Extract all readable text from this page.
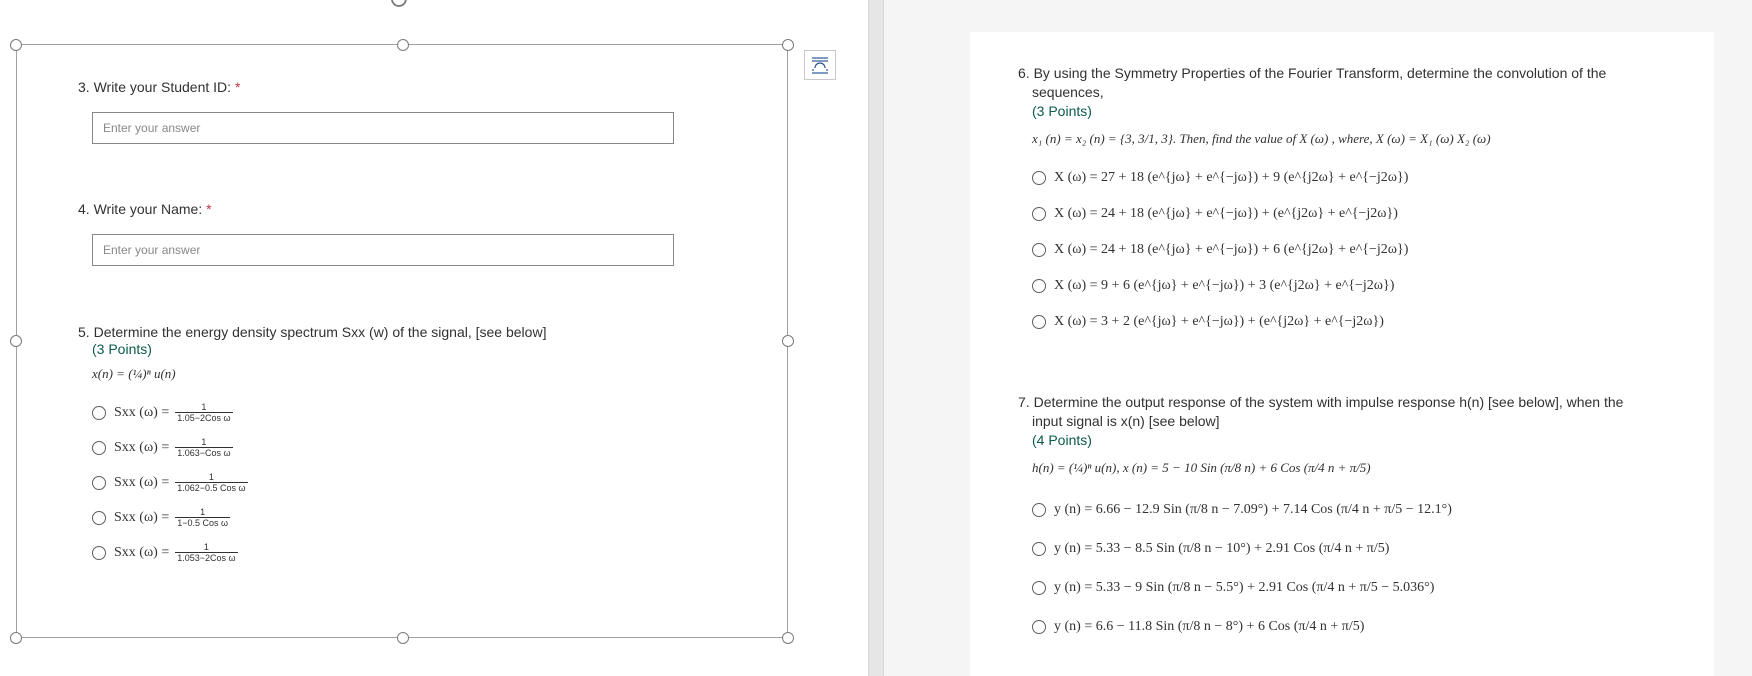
3. Write your Student ID: *
Enter your answer
4. Write your Name: *
Enter your answer
5. Determine the energy density spectrum Sxx (w) of the signal, [see below]
(3 Points)
x(n) = (¼)ⁿ u(n)
Sxx $(\omega) = \frac{1}{\text{1.05−2Cos ω}}$
Sxx $(\omega) = \frac{1}{\text{1.063−Cos ω}}$
Sxx $(\omega) = \frac{1}{\text{1.062−0.5 Cos ω}}$
Sxx $(\omega) = \frac{1}{\text{1−0.5 Cos ω}}$
Sxx $(\omega) = \frac{1}{\text{1.053−2Cos ω}}$
6. By using the Symmetry Properties of the Fourier Transform, determine the convolution of the
sequences,
(3 Points)
x₁ (n) = x₂ (n) = {3, 3/1, 3}. Then, find the value of X (ω) , where, X (ω) = X₁ (ω) X₂ (ω)
X (ω) = 27 + 18 (e^{jω} + e^{−jω}) + 9 (e^{j2ω} + e^{−j2ω})
X (ω) = 24 + 18 (e^{jω} + e^{−jω}) + (e^{j2ω} + e^{−j2ω})
X (ω) = 24 + 18 (e^{jω} + e^{−jω}) + 6 (e^{j2ω} + e^{−j2ω})
X (ω) = 9 + 6 (e^{jω} + e^{−jω}) + 3 (e^{j2ω} + e^{−j2ω})
X (ω) = 3 + 2 (e^{jω} + e^{−jω}) + (e^{j2ω} + e^{−j2ω})
7. Determine the output response of the system with impulse response h(n) [see below], when the
input signal is x(n) [see below]
(4 Points)
h(n) = (¼)ⁿ u(n), x (n) = 5 − 10 Sin (π/8 n) + 6 Cos (π/4 n + π/5)
y (n) = 6.66 − 12.9 Sin (π/8 n − 7.09°) + 7.14 Cos (π/4 n + π/5 − 12.1°)
y (n) = 5.33 − 8.5 Sin (π/8 n − 10°) + 2.91 Cos (π/4 n + π/5)
y (n) = 5.33 − 9 Sin (π/8 n − 5.5°) + 2.91 Cos (π/4 n + π/5 − 5.036°)
y (n) = 6.6 − 11.8 Sin (π/8 n − 8°) + 6 Cos (π/4 n + π/5)
